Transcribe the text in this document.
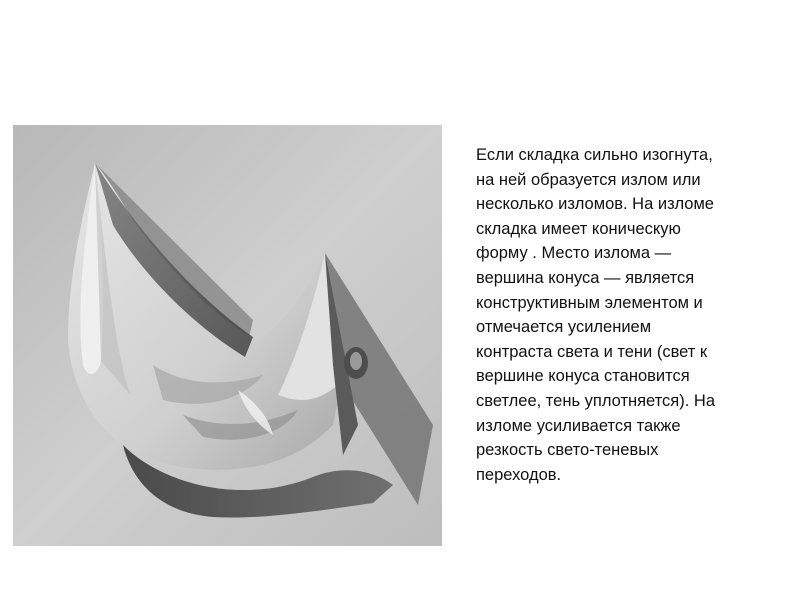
Если складка сильно изогнута,
на ней образуется излом или
несколько изломов. На изломе
складка имеет коническую
форму . Место излома —
вершина конуса — является
конструктивным элементом и
отмечается усилением
контраста света и тени (свет к
вершине конуса становится
светлее, тень уплотняется). На
изломе усиливается также
резкость свето-теневых
переходов.
